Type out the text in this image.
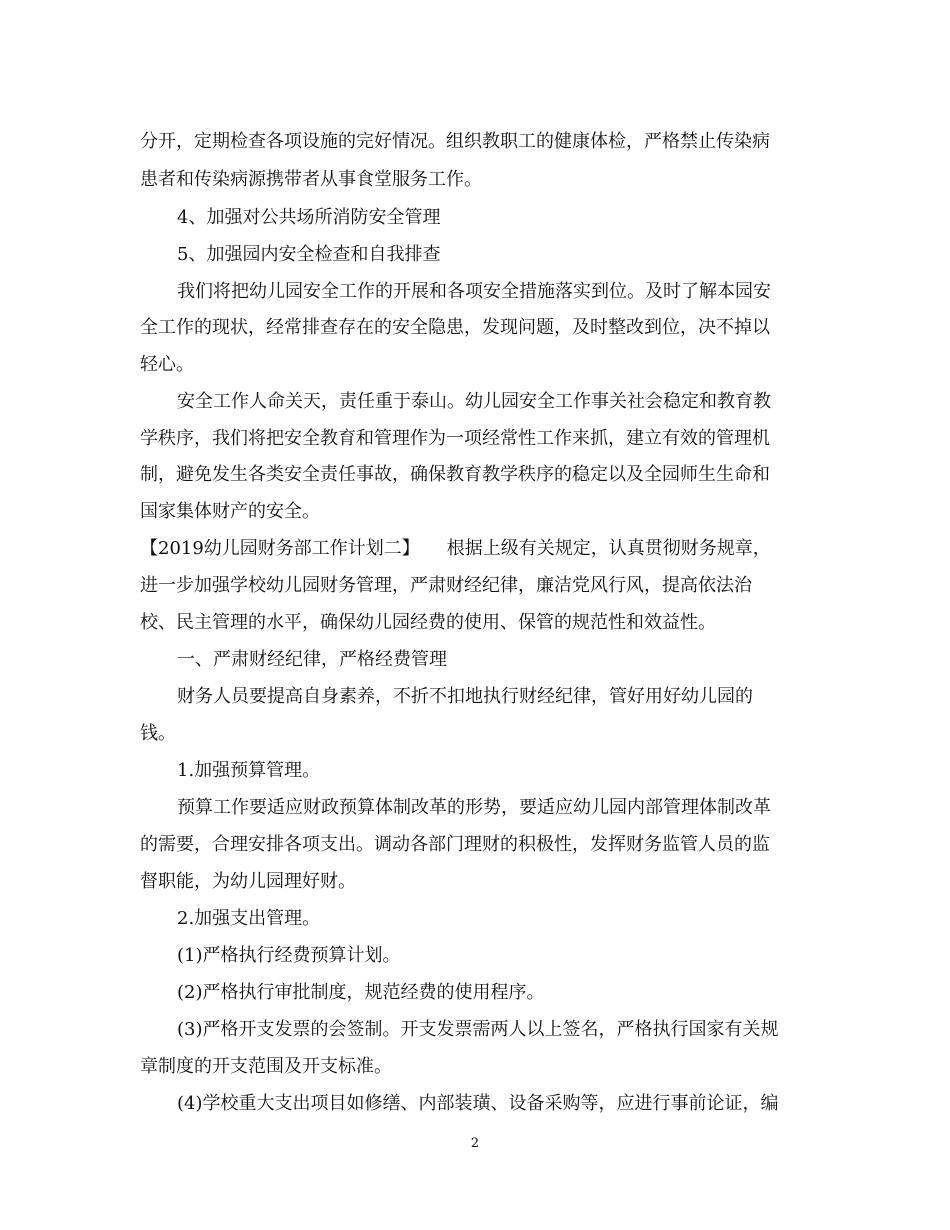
分开，定期检查各项设施的完好情况。组织教职工的健康体检，严格禁止传染病
患者和传染病源携带者从事食堂服务工作。
4、加强对公共场所消防安全管理
5、加强园内安全检查和自我排查
我们将把幼儿园安全工作的开展和各项安全措施落实到位。及时了解本园安
全工作的现状，经常排查存在的安全隐患，发现问题，及时整改到位，决不掉以
轻心。
安全工作人命关天，责任重于泰山。幼儿园安全工作事关社会稳定和教育教
学秩序，我们将把安全教育和管理作为一项经常性工作来抓，建立有效的管理机
制，避免发生各类安全责任事故，确保教育教学秩序的稳定以及全园师生生命和
国家集体财产的安全。
【2019幼儿园财务部工作计划二】　　根据上级有关规定，认真贯彻财务规章，
进一步加强学校幼儿园财务管理，严肃财经纪律，廉洁党风行风，提高依法治
校、民主管理的水平，确保幼儿园经费的使用、保管的规范性和效益性。
一、严肃财经纪律，严格经费管理
财务人员要提高自身素养，不折不扣地执行财经纪律，管好用好幼儿园的
钱。
1.加强预算管理。
预算工作要适应财政预算体制改革的形势，要适应幼儿园内部管理体制改革
的需要，合理安排各项支出。调动各部门理财的积极性，发挥财务监管人员的监
督职能，为幼儿园理好财。
2.加强支出管理。
(1)严格执行经费预算计划。
(2)严格执行审批制度，规范经费的使用程序。
(3)严格开支发票的会签制。开支发票需两人以上签名，严格执行国家有关规
章制度的开支范围及开支标准。
(4)学校重大支出项目如修缮、内部装璜、设备采购等，应进行事前论证，编
2
